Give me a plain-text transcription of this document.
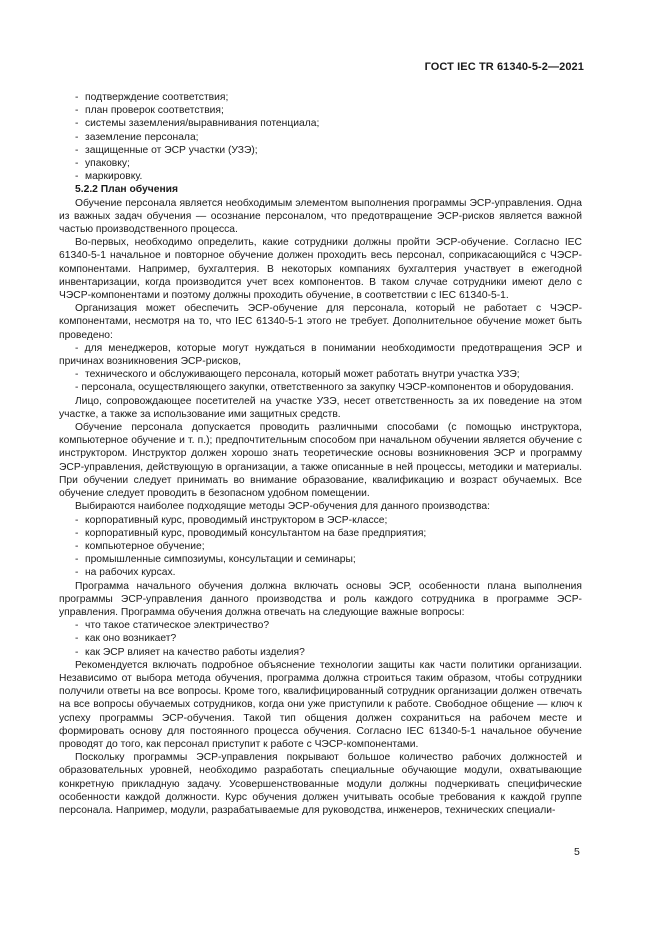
ГОСТ IEC TR 61340-5-2—2021
- подтверждение соответствия;
- план проверок соответствия;
- системы заземления/выравнивания потенциала;
- заземление персонала;
- защищенные от ЭСР участки (УЗЭ);
- упаковку;
- маркировку.
5.2.2 План обучения

Обучение персонала является необходимым элементом выполнения программы ЭСР-управления. Одна из важных задач обучения — осознание персоналом, что предотвращение ЭСР-рисков является важной частью производственного процесса.

Во-первых, необходимо определить, какие сотрудники должны пройти ЭСР-обучение. Согласно IEC 61340-5-1 начальное и повторное обучение должен проходить весь персонал, соприкасающийся с ЧЭСР-компонентами. Например, бухгалтерия. В некоторых компаниях бухгалтерия участвует в ежегодной инвентаризации, когда производится учет всех компонентов. В таком случае сотрудники имеют дело с ЧЭСР-компонентами и поэтому должны проходить обучение, в соответствии с IEC 61340-5-1.

Организация может обеспечить ЭСР-обучение для персонала, который не работает с ЧЭСР-компонентами, несмотря на то, что IEC 61340-5-1 этого не требует. Дополнительное обучение может быть проведено:

- для менеджеров, которые могут нуждаться в понимании необходимости предотвращения ЭСР и причинах возникновения ЭСР-рисков,
- технического и обслуживающего персонала, который может работать внутри участка УЗЭ;
- персонала, осуществляющего закупки, ответственного за закупку ЧЭСР-компонентов и оборудования.

Лицо, сопровождающее посетителей на участке УЗЭ, несет ответственность за их поведение на этом участке, а также за использование ими защитных средств.

Обучение персонала допускается проводить различными способами (с помощью инструктора, компьютерное обучение и т. п.); предпочтительным способом при начальном обучении является обучение с инструктором. Инструктор должен хорошо знать теоретические основы возникновения ЭСР и программу ЭСР-управления, действующую в организации, а также описанные в ней процессы, методики и материалы. При обучении следует принимать во внимание образование, квалификацию и возраст обучаемых. Все обучение следует проводить в безопасном удобном помещении.

Выбираются наиболее подходящие методы ЭСР-обучения для данного производства:

- корпоративный курс, проводимый инструктором в ЭСР-классе;
- корпоративный курс, проводимый консультантом на базе предприятия;
- компьютерное обучение;
- промышленные симпозиумы, консультации и семинары;
- на рабочих курсах.

Программа начального обучения должна включать основы ЭСР, особенности плана выполнения программы ЭСР-управления данного производства и роль каждого сотрудника в программе ЭСР-управления. Программа обучения должна отвечать на следующие важные вопросы:

- что такое статическое электричество?
- как оно возникает?
- как ЭСР влияет на качество работы изделия?

Рекомендуется включать подробное объяснение технологии защиты как части политики организации. Независимо от выбора метода обучения, программа должна строиться таким образом, чтобы сотрудники получили ответы на все вопросы. Кроме того, квалифицированный сотрудник организации должен отвечать на все вопросы обучаемых сотрудников, когда они уже приступили к работе. Свободное общение — ключ к успеху программы ЭСР-обучения. Такой тип общения должен сохраниться на рабочем месте и формировать основу для постоянного процесса обучения. Согласно IEC 61340-5-1 начальное обучение проводят до того, как персонал приступит к работе с ЧЭСР-компонентами.

Поскольку программы ЭСР-управления покрывают большое количество рабочих должностей и образовательных уровней, необходимо разработать специальные обучающие модули, охватывающие конкретную прикладную задачу. Усовершенствованные модули должны подчеркивать специфические особенности каждой должности. Курс обучения должен учитывать особые требования к каждой группе персонала. Например, модули, разрабатываемые для руководства, инженеров, технических специали-

5
